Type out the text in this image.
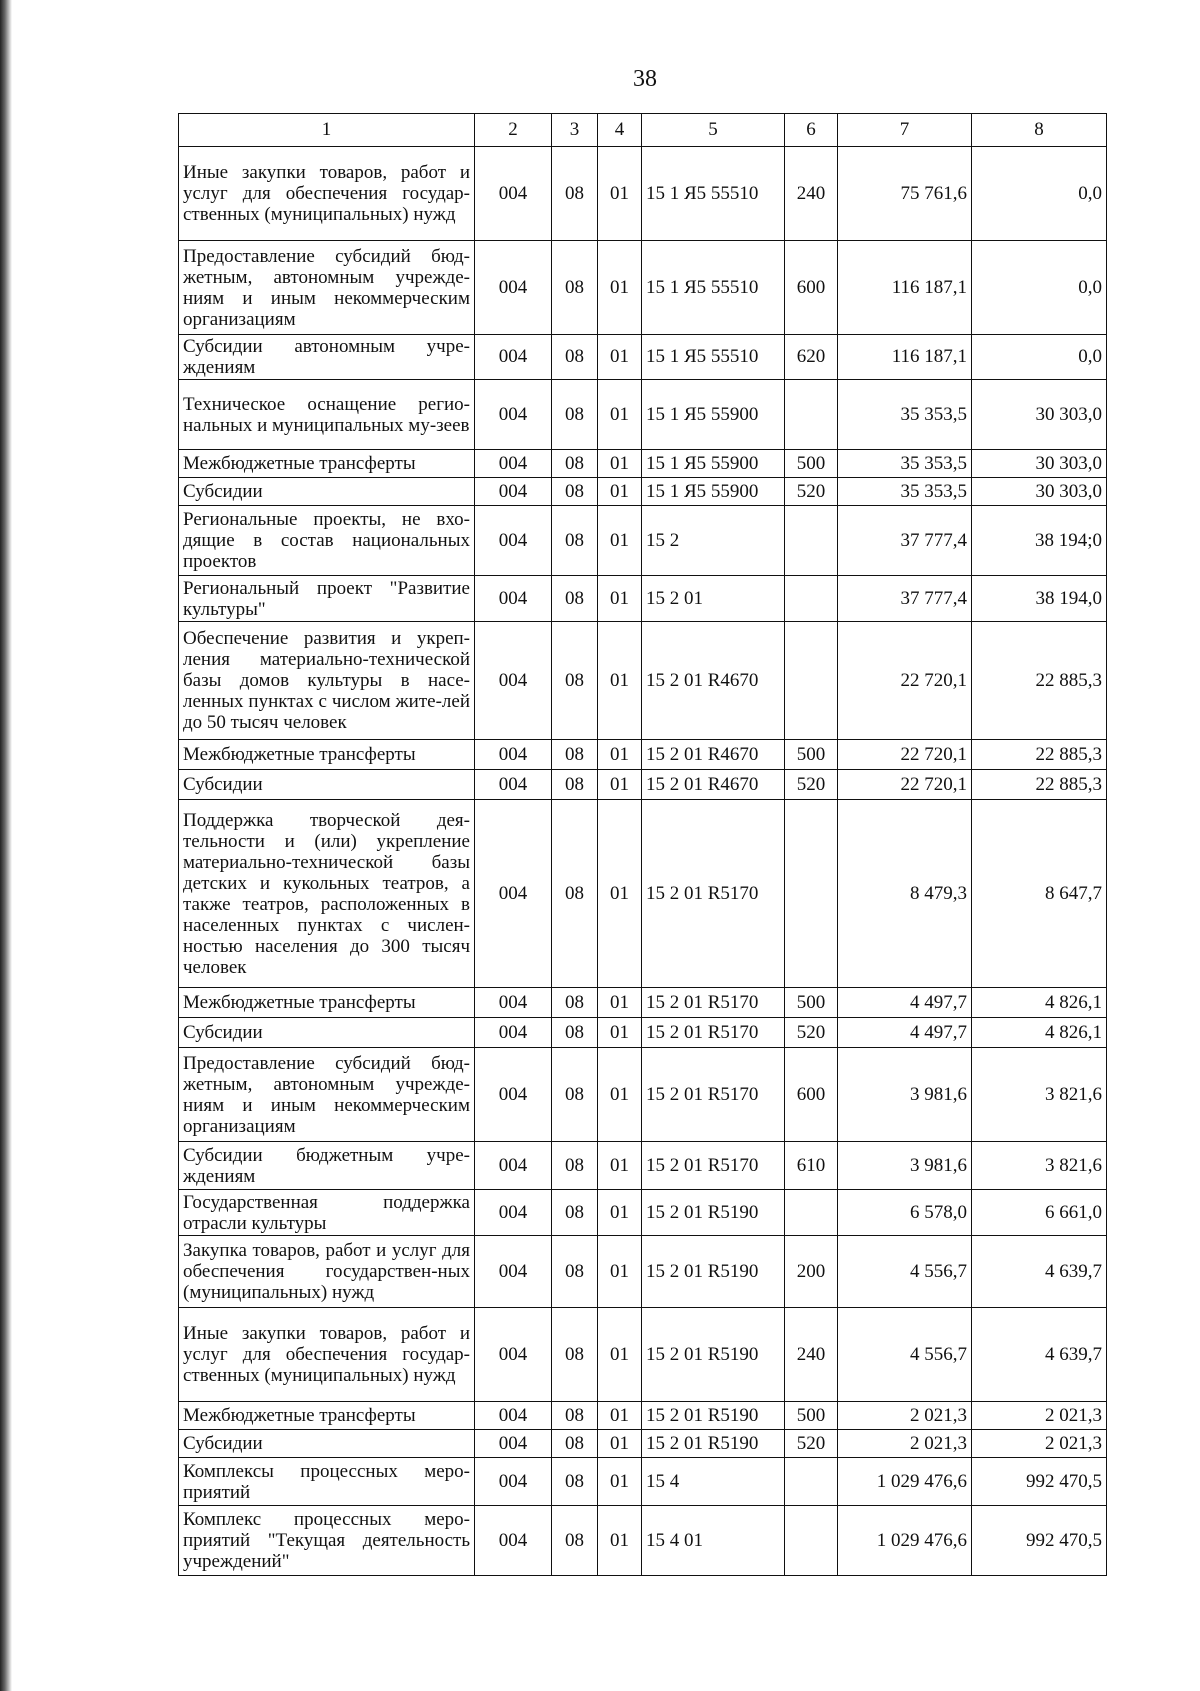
38
1	2	3	4	5	6	7	8
Иные закупки товаров, работ и услуг для обеспечения государ-ственных (муниципальных) нужд	004	08	01	15 1 Я5 55510	240	75 761,6	0,0
Предоставление субсидий бюд-жетным, автономным учрежде-ниям и иным некоммерческим организациям	004	08	01	15 1 Я5 55510	600	116 187,1	0,0
Субсидии автономным учре-ждениям	004	08	01	15 1 Я5 55510	620	116 187,1	0,0
Техническое оснащение регио-нальных и муниципальных му-зеев	004	08	01	15 1 Я5 55900		35 353,5	30 303,0
Межбюджетные трансферты	004	08	01	15 1 Я5 55900	500	35 353,5	30 303,0
Субсидии	004	08	01	15 1 Я5 55900	520	35 353,5	30 303,0
Региональные проекты, не вхо-дящие в состав национальных проектов	004	08	01	15 2		37 777,4	38 194;0
Региональный проект "Развитие культуры"	004	08	01	15 2 01		37 777,4	38 194,0
Обеспечение развития и укреп-ления материально-технической базы домов культуры в насе-ленных пунктах с числом жите-лей до 50 тысяч человек	004	08	01	15 2 01 R4670		22 720,1	22 885,3
Межбюджетные трансферты	004	08	01	15 2 01 R4670	500	22 720,1	22 885,3
Субсидии	004	08	01	15 2 01 R4670	520	22 720,1	22 885,3
Поддержка творческой дея-тельности и (или) укрепление материально-технической базы детских и кукольных театров, а также театров, расположенных в населенных пунктах с числен-ностью населения до 300 тысяч человек	004	08	01	15 2 01 R5170		8 479,3	8 647,7
Межбюджетные трансферты	004	08	01	15 2 01 R5170	500	4 497,7	4 826,1
Субсидии	004	08	01	15 2 01 R5170	520	4 497,7	4 826,1
Предоставление субсидий бюд-жетным, автономным учрежде-ниям и иным некоммерческим организациям	004	08	01	15 2 01 R5170	600	3 981,6	3 821,6
Субсидии бюджетным учре-ждениям	004	08	01	15 2 01 R5170	610	3 981,6	3 821,6
Государственная поддержка отрасли культуры	004	08	01	15 2 01 R5190		6 578,0	6 661,0
Закупка товаров, работ и услуг для обеспечения государствен-ных (муниципальных) нужд	004	08	01	15 2 01 R5190	200	4 556,7	4 639,7
Иные закупки товаров, работ и услуг для обеспечения государ-ственных (муниципальных) нужд	004	08	01	15 2 01 R5190	240	4 556,7	4 639,7
Межбюджетные трансферты	004	08	01	15 2 01 R5190	500	2 021,3	2 021,3
Субсидии	004	08	01	15 2 01 R5190	520	2 021,3	2 021,3
Комплексы процессных меро-приятий	004	08	01	15 4		1 029 476,6	992 470,5
Комплекс процессных меро-приятий "Текущая деятельность учреждений"	004	08	01	15 4 01		1 029 476,6	992 470,5
